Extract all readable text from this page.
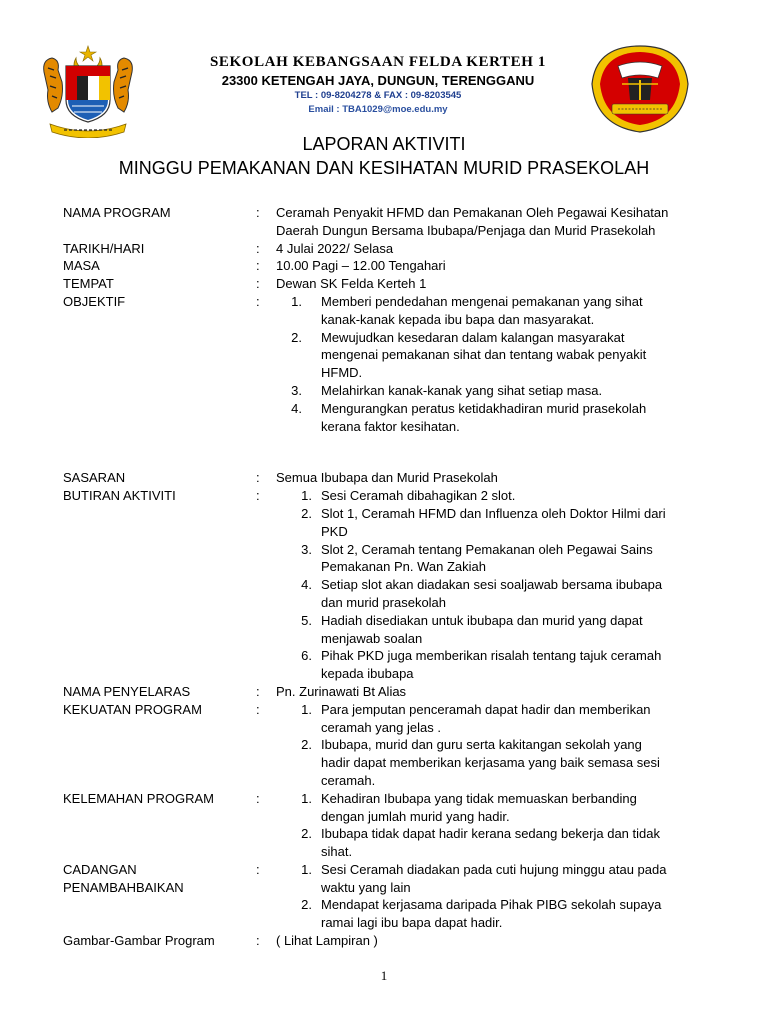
SEKOLAH KEBANGSAAN FELDA KERTEH 1
23300 KETENGAH JAYA, DUNGUN, TERENGGANU
TEL : 09-8204278 & FAX : 09-8203545
Email : TBA1029@moe.edu.my
LAPORAN AKTIVITI
MINGGU PEMAKANAN DAN KESIHATAN MURID PRASEKOLAH
NAMA PROGRAM	:	Ceramah Penyakit HFMD dan Pemakanan Oleh Pegawai Kesihatan
Daerah Dungun Bersama Ibubapa/Penjaga dan Murid Prasekolah
TARIKH/HARI	:	4 Julai 2022/ Selasa
MASA	:	10.00 Pagi – 12.00 Tengahari
TEMPAT	:	Dewan SK Felda Kerteh 1
OBJEKTIF	:	1. Memberi pendedahan mengenai pemakanan yang sihat
kanak-kanak kepada ibu bapa dan masyarakat.
2. Mewujudkan kesedaran dalam kalangan masyarakat
mengenai pemakanan sihat dan tentang wabak penyakit
HFMD.
3. Melahirkan kanak-kanak yang sihat setiap masa.
4. Mengurangkan peratus ketidakhadiran murid prasekolah
kerana faktor kesihatan.
SASARAN	:	Semua Ibubapa dan Murid Prasekolah
BUTIRAN AKTIVITI	:	1. Sesi Ceramah dibahagikan 2 slot.
2. Slot 1, Ceramah HFMD dan Influenza oleh Doktor Hilmi dari
PKD
3. Slot 2, Ceramah tentang Pemakanan oleh Pegawai Sains
Pemakanan Pn. Wan Zakiah
4. Setiap slot akan diadakan sesi soaljawab bersama ibubapa
dan murid prasekolah
5. Hadiah disediakan untuk ibubapa dan murid yang dapat
menjawab soalan
6. Pihak PKD juga memberikan risalah tentang tajuk ceramah
kepada ibubapa
NAMA PENYELARAS	:	Pn. Zurinawati Bt Alias
KEKUATAN PROGRAM	:	1. Para jemputan penceramah dapat hadir dan memberikan
ceramah yang jelas .
2. Ibubapa, murid dan guru serta kakitangan sekolah yang
hadir dapat memberikan kerjasama yang baik semasa sesi
ceramah.
KELEMAHAN PROGRAM	:	1. Kehadiran Ibubapa yang tidak memuaskan berbanding
dengan jumlah murid yang hadir.
2. Ibubapa tidak dapat hadir kerana sedang bekerja dan tidak
sihat.
CADANGAN
PENAMBAHBAIKAN
:	1. Sesi Ceramah diadakan pada cuti hujung minggu atau pada
waktu yang lain
2. Mendapat kerjasama daripada Pihak PIBG sekolah supaya
ramai lagi ibu bapa dapat hadir.
Gambar-Gambar Program	:	( Lihat Lampiran )
1
